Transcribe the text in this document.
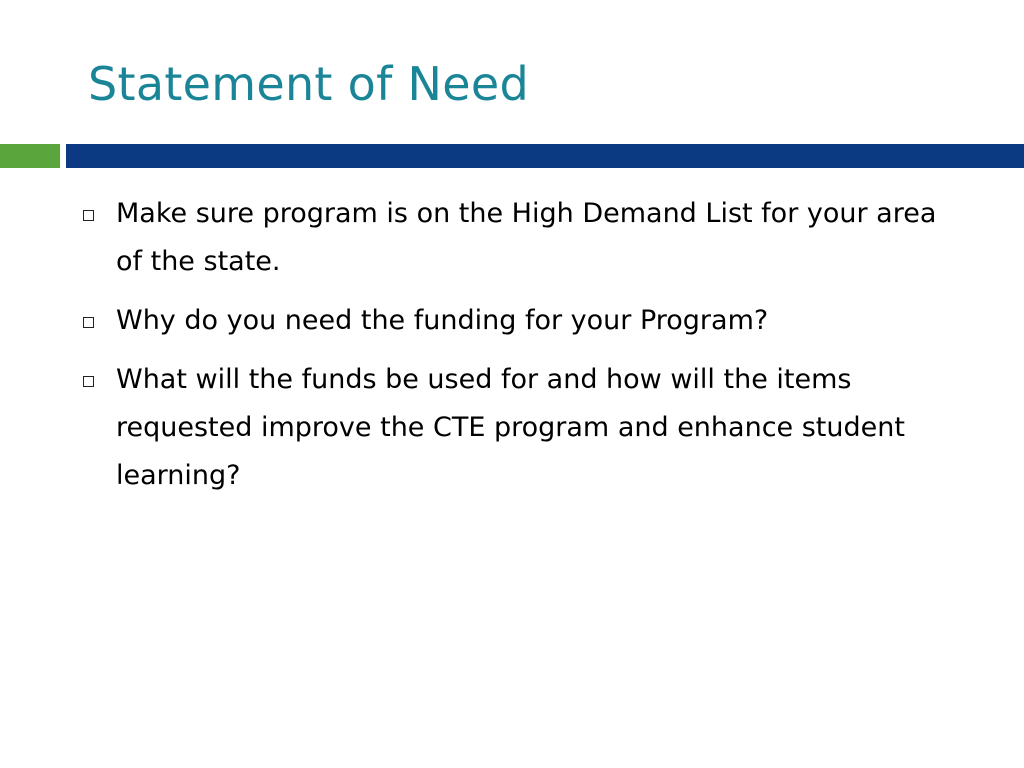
Statement of Need
Make sure program is on the High Demand List for your area of the state.
Why do you need the funding for your Program?
What will the funds be used for and how will the items requested improve the CTE program and enhance student learning?
